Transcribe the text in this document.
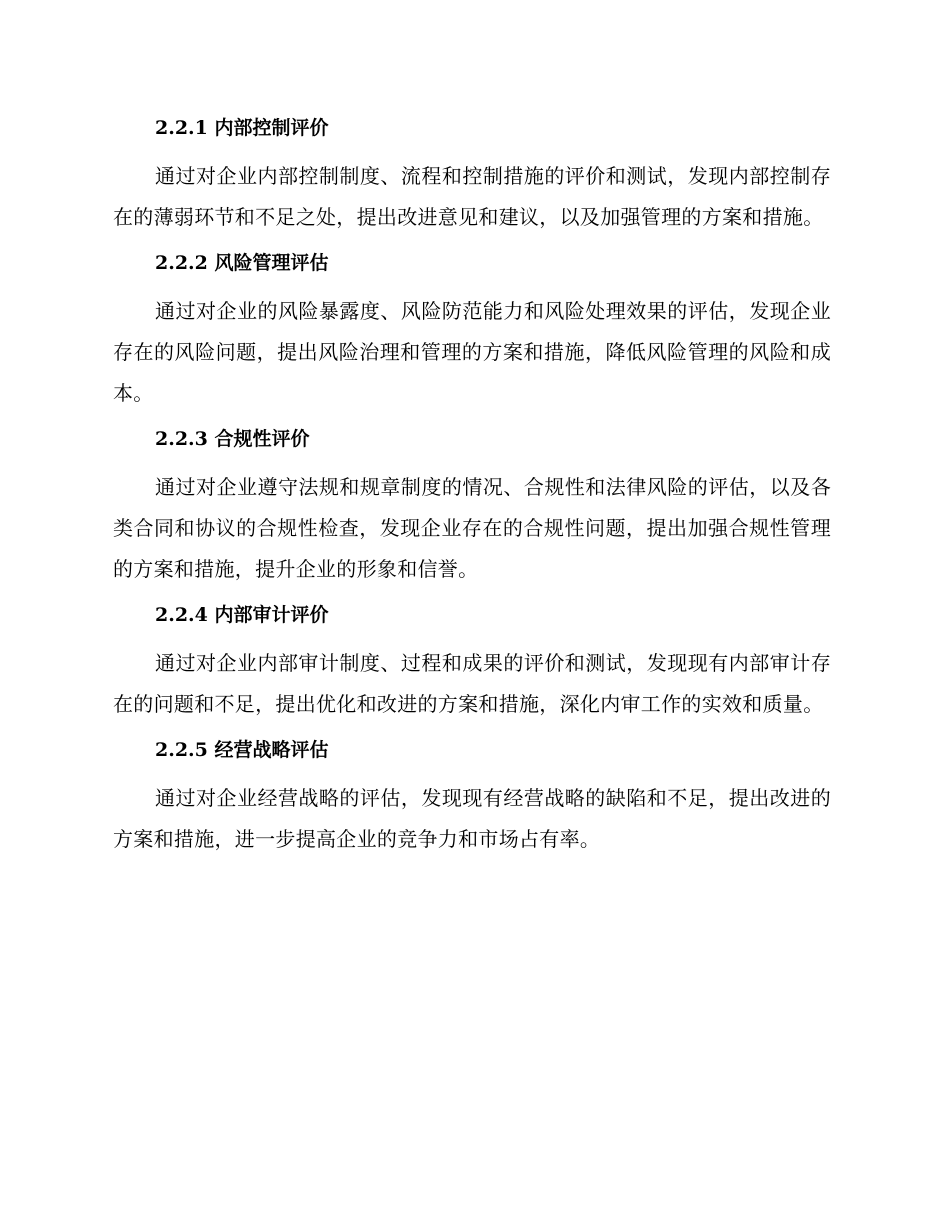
2.2.1 内部控制评价

通过对企业内部控制制度、流程和控制措施的评价和测试，发现内部控制存在的薄弱环节和不足之处，提出改进意见和建议，以及加强管理的方案和措施。

2.2.2 风险管理评估

通过对企业的风险暴露度、风险防范能力和风险处理效果的评估，发现企业存在的风险问题，提出风险治理和管理的方案和措施，降低风险管理的风险和成本。

2.2.3 合规性评价

通过对企业遵守法规和规章制度的情况、合规性和法律风险的评估，以及各类合同和协议的合规性检查，发现企业存在的合规性问题，提出加强合规性管理的方案和措施，提升企业的形象和信誉。

2.2.4 内部审计评价

通过对企业内部审计制度、过程和成果的评价和测试，发现现有内部审计存在的问题和不足，提出优化和改进的方案和措施，深化内审工作的实效和质量。

2.2.5 经营战略评估

通过对企业经营战略的评估，发现现有经营战略的缺陷和不足，提出改进的方案和措施，进一步提高企业的竞争力和市场占有率。
